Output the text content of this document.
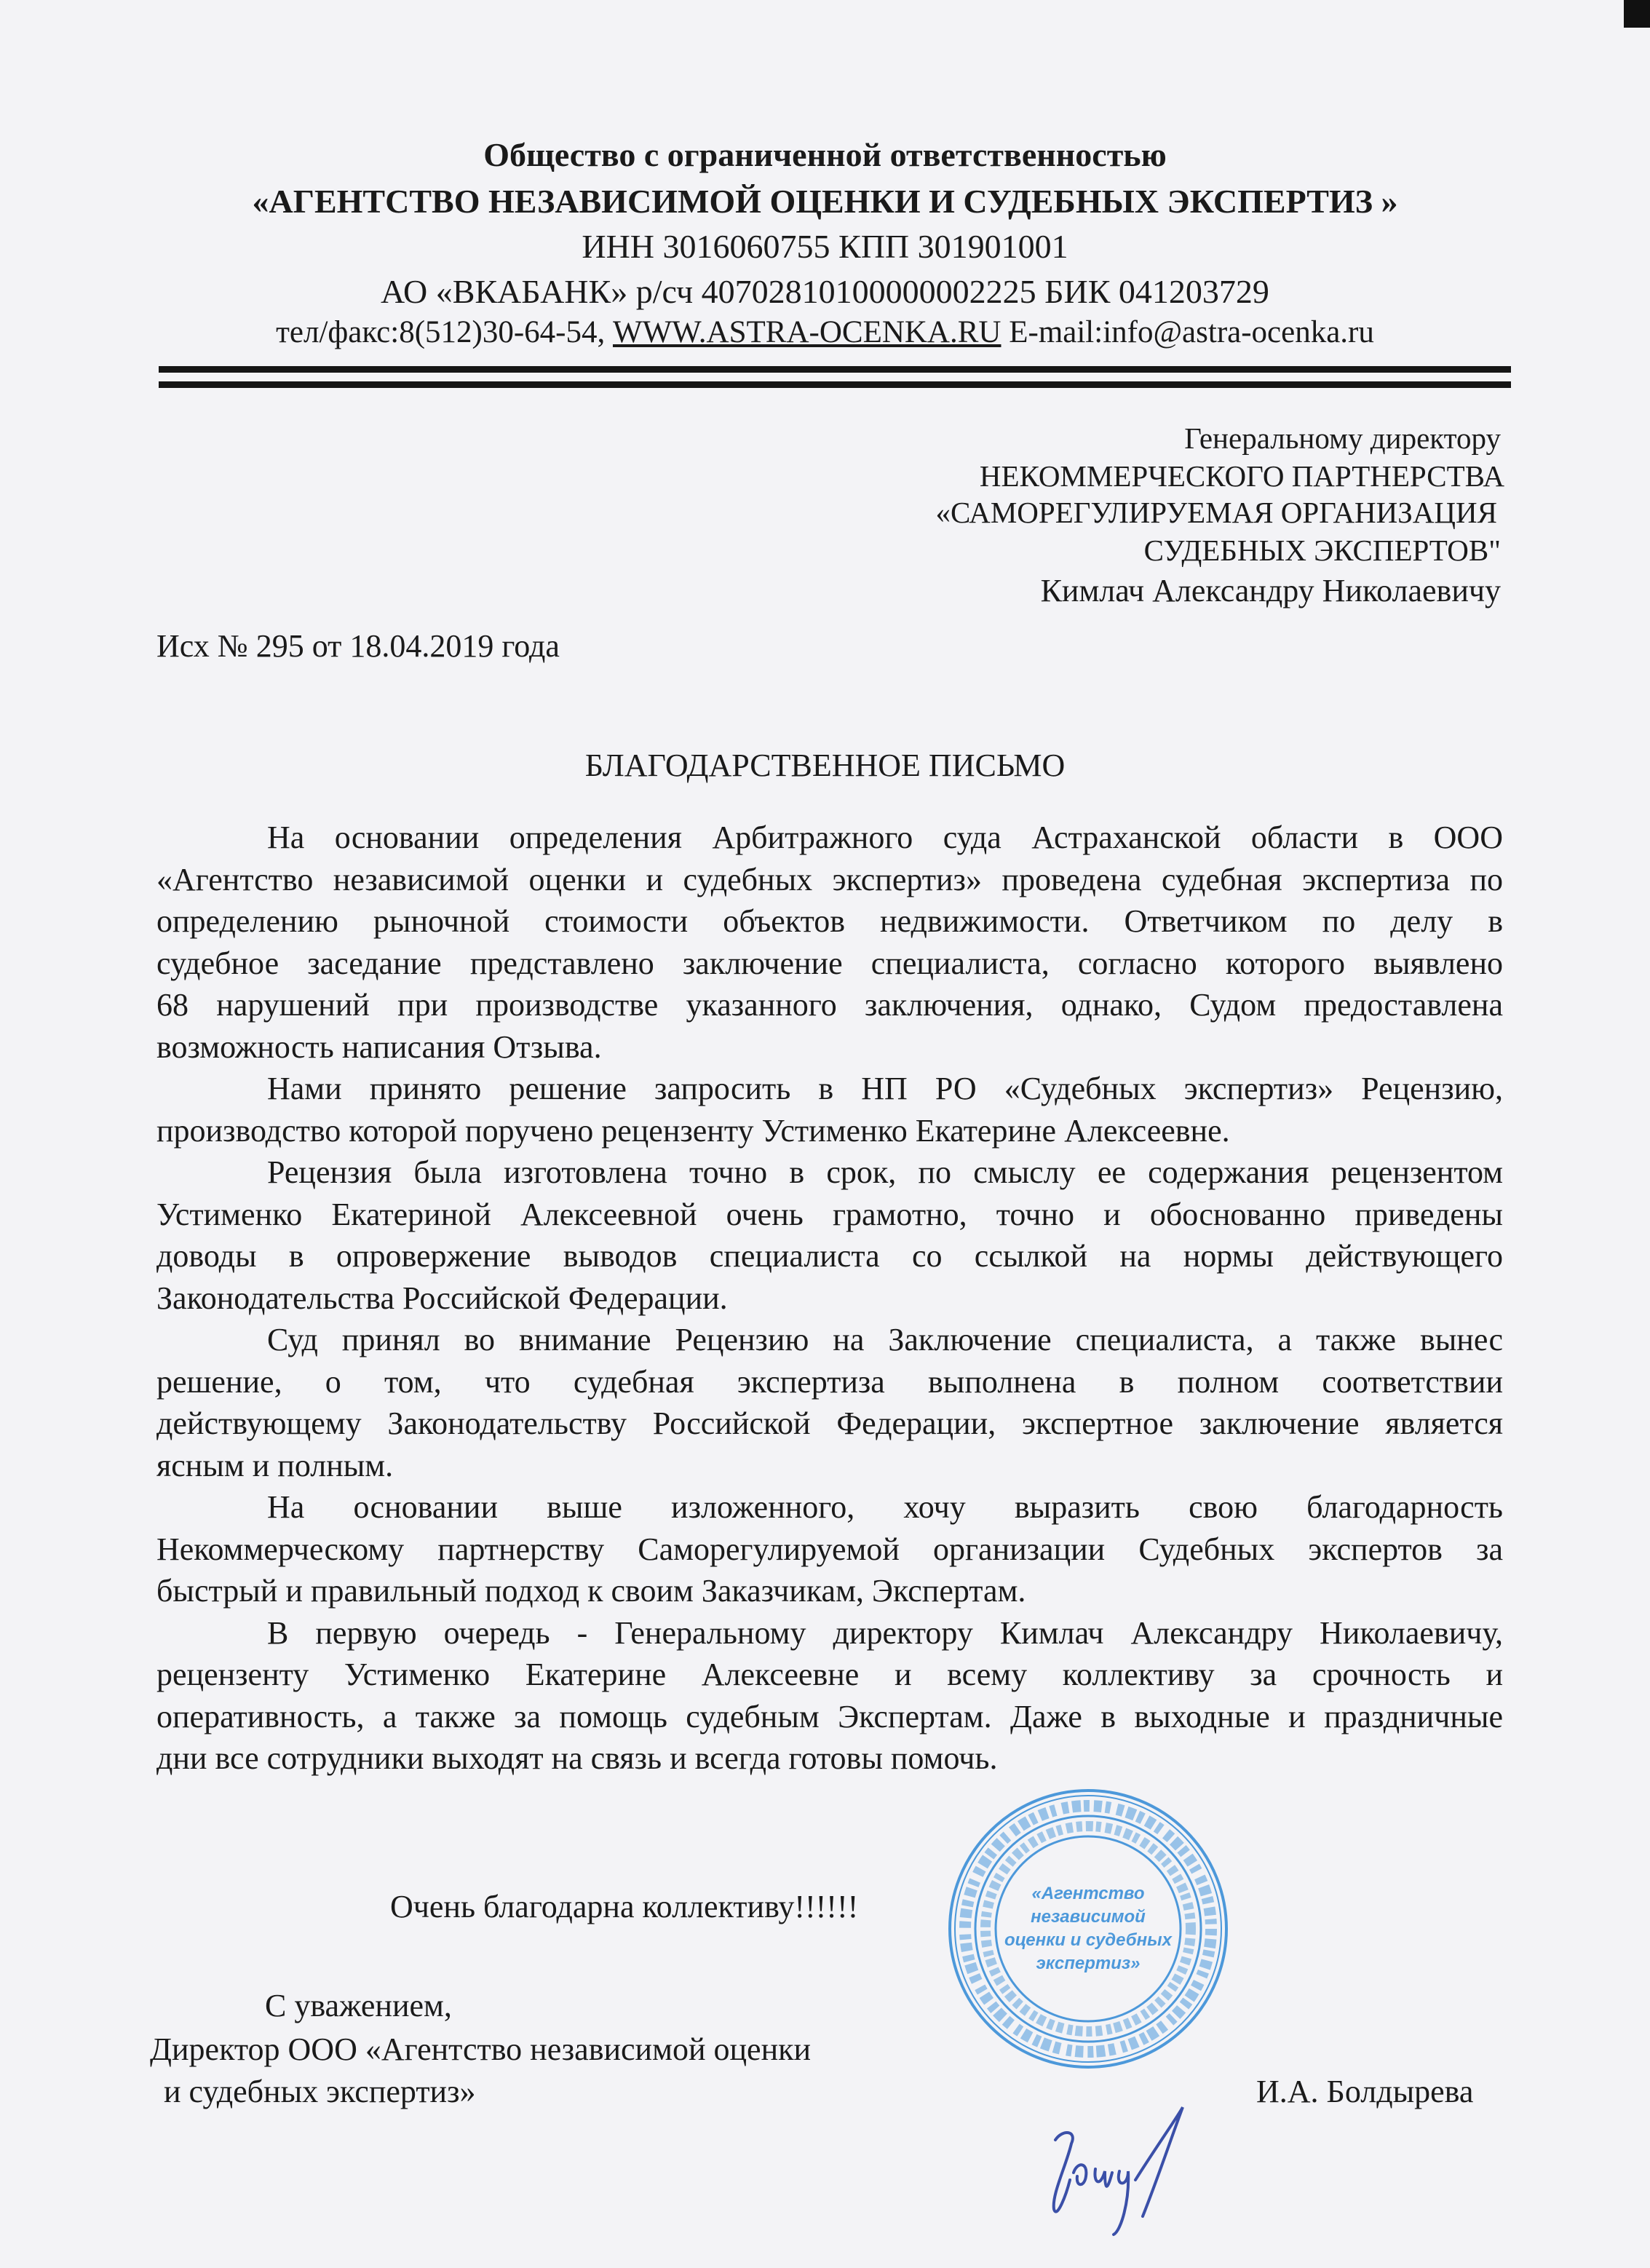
Общество с ограниченной ответственностью
«АГЕНТСТВО НЕЗАВИСИМОЙ ОЦЕНКИ И СУДЕБНЫХ ЭКСПЕРТИЗ »
ИНН 3016060755 КПП 301901001
АО «ВКАБАНК» р/сч 40702810100000002225 БИК 041203729
тел/факс:8(512)30-64-54, WWW.ASTRA-OCENKA.RU E-mail:info@astra-ocenka.ru
Генеральному директору
НЕКОММЕРЧЕСКОГО ПАРТНЕРСТВА
«САМОРЕГУЛИРУЕМАЯ ОРГАНИЗАЦИЯ
СУДЕБНЫХ ЭКСПЕРТОВ"
Кимлач Александру Николаевичу
Исх № 295 от 18.04.2019 года
БЛАГОДАРСТВЕННОЕ ПИСЬМО
На основании определения Арбитражного суда Астраханской области в ООО
«Агентство независимой оценки и судебных экспертиз» проведена судебная экспертиза по
определению рыночной стоимости объектов недвижимости. Ответчиком по делу в
судебное заседание представлено заключение специалиста, согласно которого выявлено
68 нарушений при производстве указанного заключения, однако, Судом предоставлена
возможность написания Отзыва.
Нами принято решение запросить в НП РО «Судебных экспертиз» Рецензию,
производство которой поручено рецензенту Устименко Екатерине Алексеевне.
Рецензия была изготовлена точно в срок, по смыслу ее содержания рецензентом
Устименко Екатериной Алексеевной очень грамотно, точно и обоснованно приведены
доводы в опровержение выводов специалиста со ссылкой на нормы действующего
Законодательства Российской Федерации.
Суд принял во внимание Рецензию на Заключение специалиста, а также вынес
решение, о том, что судебная экспертиза выполнена в полном соответствии
действующему Законодательству Российской Федерации, экспертное заключение является
ясным и полным.
На основании выше изложенного, хочу выразить свою благодарность
Некоммерческому партнерству Саморегулируемой организации Судебных экспертов за
быстрый и правильный подход к своим Заказчикам, Экспертам.
В первую очередь - Генеральному директору Кимлач Александру Николаевичу,
рецензенту Устименко Екатерине Алексеевне и всему коллективу за срочность и
оперативность, а также за помощь судебным Экспертам. Даже в выходные и праздничные
дни все сотрудники выходят на связь и всегда готовы помочь.
Очень благодарна коллективу!!!!!!
С уважением,
Директор ООО «Агентство независимой оценки
и судебных экспертиз»	И.А. Болдырева
«Агентство
независимой
оценки и судебных
экспертиз»
